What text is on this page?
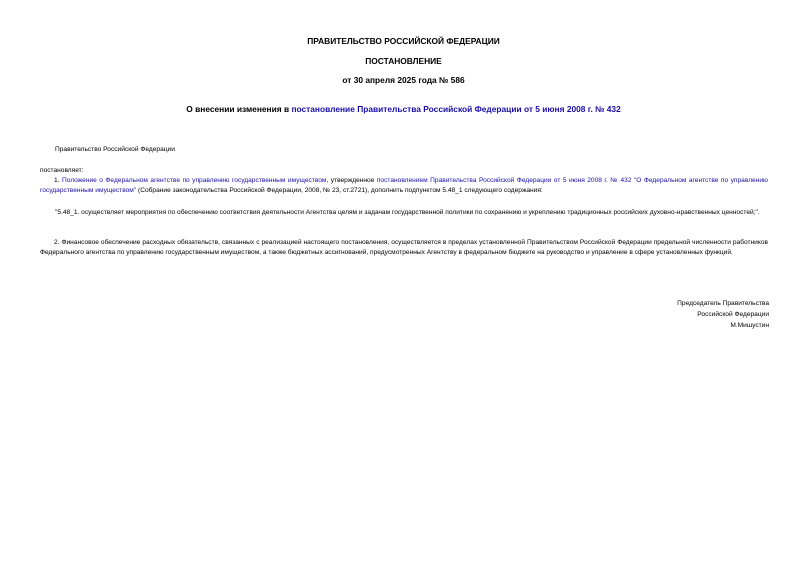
ПРАВИТЕЛЬСТВО РОССИЙСКОЙ ФЕДЕРАЦИИ
ПОСТАНОВЛЕНИЕ
от 30 апреля 2025 года № 586
О внесении изменения в постановление Правительства Российской Федерации от 5 июня 2008 г. № 432
Правительство Российской Федерации
постановляет:
1. Положение о Федеральном агентстве по управлению государственным имуществом, утвержденное постановлением Правительства Российской Федерации от 5 июня 2008 г. № 432 "О Федеральном агентстве по управлению государственным имуществом" (Собрание законодательства Российской Федерации, 2008, № 23, ст.2721), дополнить подпунктом 5.48_1 следующего содержания:
"5.48_1. осуществляет мероприятия по обеспечению соответствия деятельности Агентства целям и задачам государственной политики по сохранению и укреплению традиционных российских духовно-нравственных ценностей;".
2. Финансовое обеспечение расходных обязательств, связанных с реализацией настоящего постановления, осуществляется в пределах установленной Правительством Российской Федерации предельной численности работников Федерального агентства по управлению государственным имуществом, а также бюджетных ассигнований, предусмотренных Агентству в федеральном бюджете на руководство и управление в сфере установленных функций.
Председатель Правительства
Российской Федерации
М.Мишустин
